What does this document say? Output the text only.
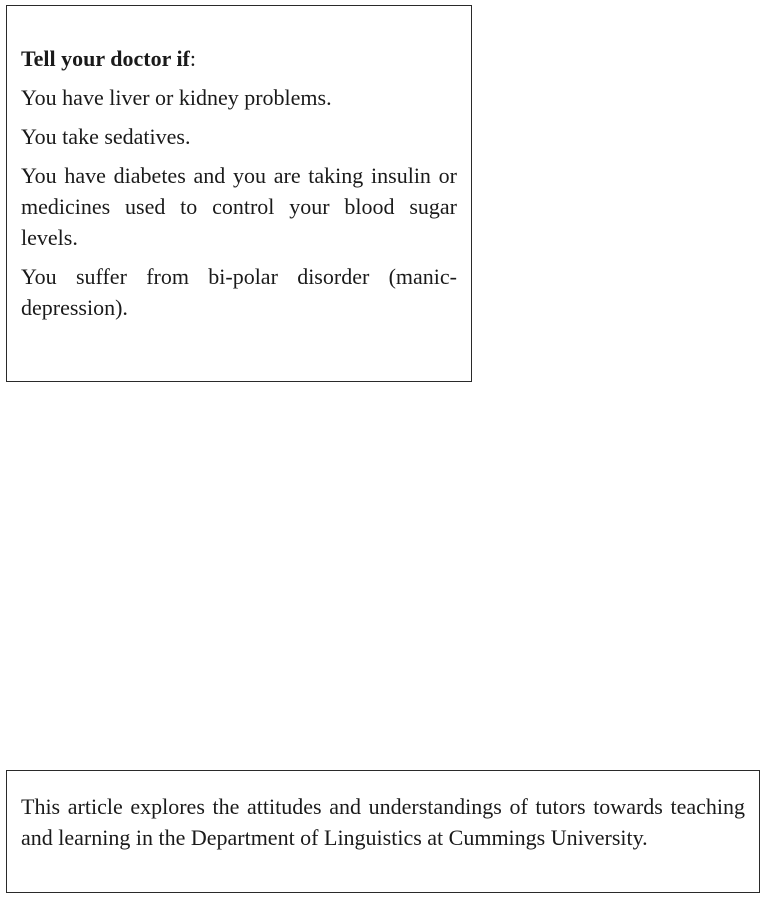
Tell your doctor if:

You have liver or kidney problems.

You take sedatives.

You have diabetes and you are taking insulin or medicines used to control your blood sugar levels.

You suffer from bi-polar disorder (manic-depression).

This article explores the attitudes and understandings of tutors towards teaching and learning in the Department of Linguistics at Cummings University.
